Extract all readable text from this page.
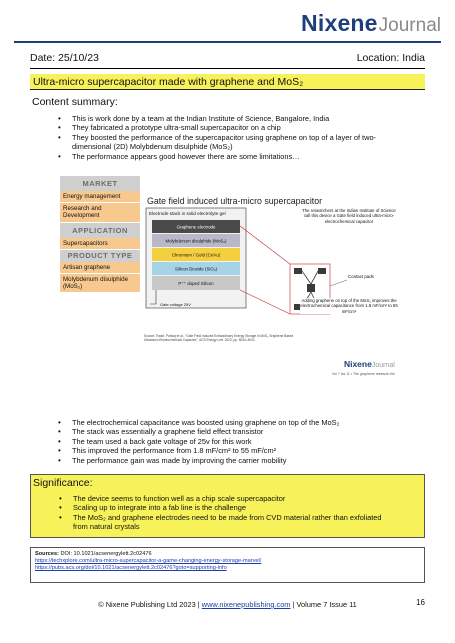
NixeneJournal
Date: 25/10/23	Location: India
Ultra-micro supercapacitor made with graphene and MoS₂
Content summary:
• This is work done by a team at the Indian Institute of Science, Bangalore, India
• They fabricated a prototype ultra-small supercapacitor on a chip
• They boosted the performance of the supercapacitor using graphene on top of a layer of two-dimensional (2D) Molybdenum disulphide (MoS₂)
• The performance appears good however there are some limitations…
MARKET
Energy management
Research and Development
APPLICATION
Supercapacitors
PRODUCT TYPE
Artisan graphene
Molybdenum disulphide (MoS₂)
Gate field induced ultra-micro supercapacitor
Electrode stack in solid electrolyte gel
Graphene electrode
Molybdenum disulphide (MoS₂)
Chromium / Gold (Cr/Au)
Silicon Dioxide (SiO₂)
P⁺⁺ doped Silicon
Gate voltage 25V
Contact pads
The researchers at the Indian Institute of Science call this device a Gate field induced ultra-micro-electrochemical capacitor
Adding graphene on top of the MoS₂ improves the electrochemical capacitance from 1.8 mF/cm² to 55 mF/cm²
Source: Tiwari, Pankaj et al., “Gate Field Induced Extraordinary Energy Storage in MoS₂ Graphene Based Ultramicro Electrochemical Capacitor”, ACS Energy Lett. 2023, pp. 5034–5041
NixeneJournal
Vol 7 Iss 11 • The graphene research file
• The electrochemical capacitance was boosted using graphene on top of the MoS₂
• The stack was essentially a graphene field effect transistor
• The team used a back gate voltage of 25v for this work
• This improved the performance from 1.8 mF/cm² to 55 mF/cm²
• The performance gain was made by improving the carrier mobility
Significance:
• The device seems to function well as a chip scale supercapacitor
• Scaling up to integrate into a fab line is the challenge
• The MoS₂ and graphene electrodes need to be made from CVD material rather than exfoliated from natural crystals
Sources: DOI: 10.1021/acsenergylett.2c02476
https://techxplore.com/ultra-micro-supercapacitor-a-game-changing-energy-storage-marvel/
https://pubs.acs.org/doi/10.1021/acsenergylett.2c02476?goto=supporting-info
© Nixene Publishing Ltd 2023 | www.nixenepublishing.com | Volume 7 Issue 11	16
